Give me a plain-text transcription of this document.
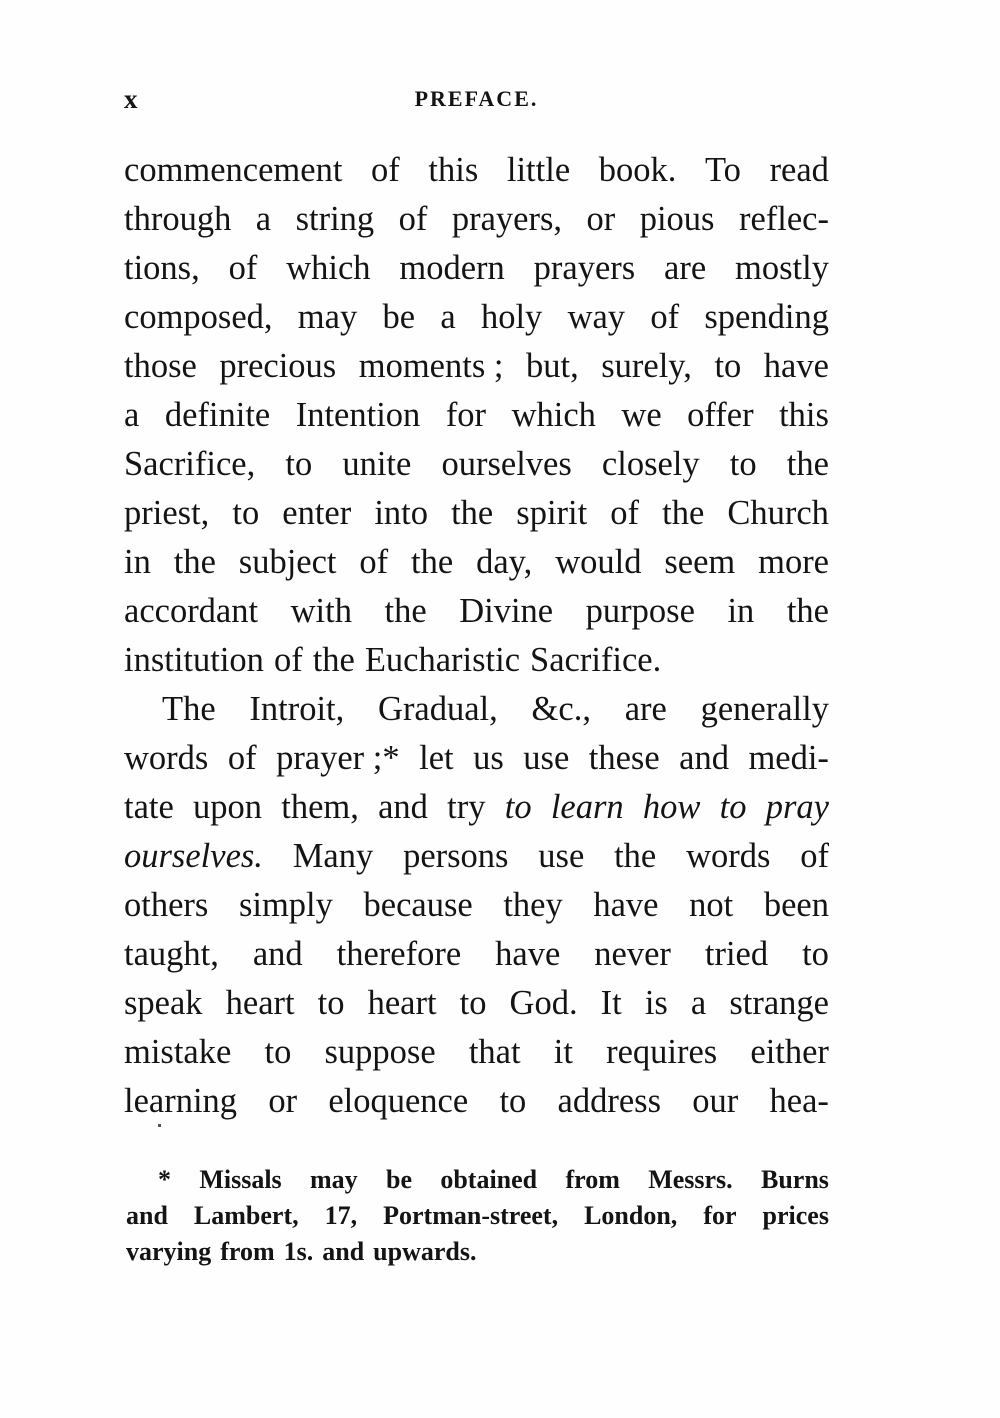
x	PREFACE.
commencement of this little book. To read
through a string of prayers, or pious reflec-
tions, of which modern prayers are mostly
composed, may be a holy way of spending
those precious moments ; but, surely, to have
a definite Intention for which we offer this
Sacrifice, to unite ourselves closely to the
priest, to enter into the spirit of the Church
in the subject of the day, would seem more
accordant with the Divine purpose in the
institution of the Eucharistic Sacrifice.
The Introit, Gradual, &c., are generally
words of prayer ;* let us use these and medi-
tate upon them, and try to learn how to pray
ourselves. Many persons use the words of
others simply because they have not been
taught, and therefore have never tried to
speak heart to heart to God. It is a strange
mistake to suppose that it requires either
learning or eloquence to address our hea-
* Missals may be obtained from Messrs. Burns
and Lambert, 17, Portman-street, London, for prices
varying from 1s. and upwards.
